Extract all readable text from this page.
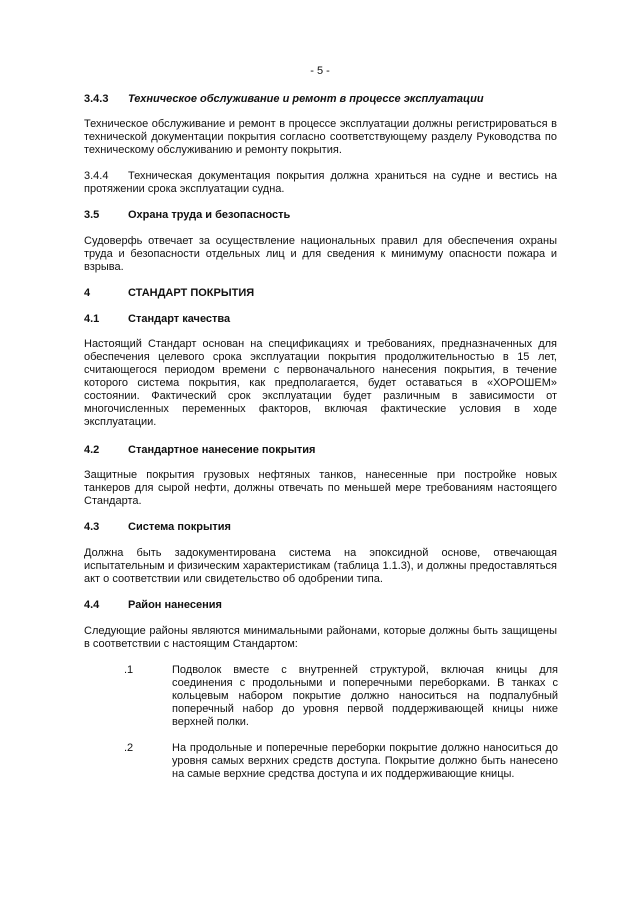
- 5 -
3.4.3 Техническое обслуживание и ремонт в процессе эксплуатации

Техническое обслуживание и ремонт в процессе эксплуатации должны регистрироваться в технической документации покрытия согласно соответствующему разделу Руководства по техническому обслуживанию и ремонту покрытия.

3.4.4 Техническая документация покрытия должна храниться на судне и вестись на протяжении срока эксплуатации судна.

3.5	Охрана труда и безопасность

Судоверфь отвечает за осуществление национальных правил для обеспечения охраны труда и безопасности отдельных лиц и для сведения к минимуму опасности пожара и взрыва.

4	СТАНДАРТ ПОКРЫТИЯ
4.1	Стандарт качества

Настоящий Стандарт основан на спецификациях и требованиях, предназначенных для обеспечения целевого срока эксплуатации покрытия продолжительностью в 15 лет, считающегося периодом времени с первоначального нанесения покрытия, в течение которого система покрытия, как предполагается, будет оставаться в «ХОРОШЕМ» состоянии. Фактический срок эксплуатации будет различным в зависимости от многочисленных переменных факторов, включая фактические условия в ходе эксплуатации.

4.2	Стандартное нанесение покрытия

Защитные покрытия грузовых нефтяных танков, нанесенные при постройке новых танкеров для сырой нефти, должны отвечать по меньшей мере требованиям настоящего Стандарта.

4.3	Система покрытия

Должна быть задокументирована система на эпоксидной основе, отвечающая испытательным и физическим характеристикам (таблица 1.1.3), и должны предоставляться акт о соответствии или свидетельство об одобрении типа.

4.4	Район нанесения

Следующие районы являются минимальными районами, которые должны быть защищены в соответствии с настоящим Стандартом:

.1	Подволок вместе с внутренней структурой, включая кницы для соединения с продольными и поперечными переборками. В танках с кольцевым набором покрытие должно наноситься на подпалубный поперечный набор до уровня первой поддерживающей кницы ниже верхней полки.

.2	На продольные и поперечные переборки покрытие должно наноситься до уровня самых верхних средств доступа. Покрытие должно быть нанесено на самые верхние средства доступа и их поддерживающие кницы.
